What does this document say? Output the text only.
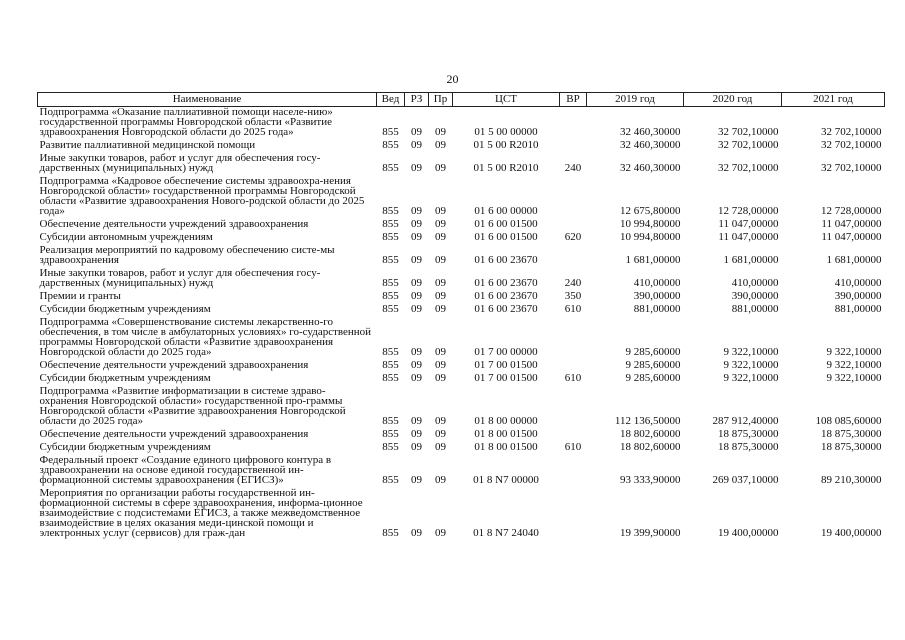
20
Наименование	Вед	РЗ	Пр	ЦСТ	ВР	2019 год	2020 год	2021 год
Подпрограмма «Оказание паллиативной помощи населе-нию» государственной программы Новгородской области «Развитие здравоохранения Новгородской области до 2025 года»	855	09	09	01 5 00 00000		32 460,30000	32 702,10000	32 702,10000
Развитие паллиативной медицинской помощи	855	09	09	01 5 00 R2010		32 460,30000	32 702,10000	32 702,10000
Иные закупки товаров, работ и услуг для обеспечения госу-дарственных (муниципальных) нужд	855	09	09	01 5 00 R2010	240	32 460,30000	32 702,10000	32 702,10000
Подпрограмма «Кадровое обеспечение системы здравоохра-нения Новгородской области» государственной программы Новгородской области «Развитие здравоохранения Нового-родской области до 2025 года»	855	09	09	01 6 00 00000		12 675,80000	12 728,00000	12 728,00000
Обеспечение деятельности учреждений здравоохранения	855	09	09	01 6 00 01500		10 994,80000	11 047,00000	11 047,00000
Субсидии автономным учреждениям	855	09	09	01 6 00 01500	620	10 994,80000	11 047,00000	11 047,00000
Реализация мероприятий по кадровому обеспечению систе-мы здравоохранения	855	09	09	01 6 00 23670		1 681,00000	1 681,00000	1 681,00000
Иные закупки товаров, работ и услуг для обеспечения госу-дарственных (муниципальных) нужд	855	09	09	01 6 00 23670	240	410,00000	410,00000	410,00000
Премии и гранты	855	09	09	01 6 00 23670	350	390,00000	390,00000	390,00000
Субсидии бюджетным учреждениям	855	09	09	01 6 00 23670	610	881,00000	881,00000	881,00000
Подпрограмма «Совершенствование системы лекарственно-го обеспечения, в том числе в амбулаторных условиях» го-сударственной программы Новгородской области «Развитие здравоохранения Новгородской области до 2025 года»	855	09	09	01 7 00 00000		9 285,60000	9 322,10000	9 322,10000
Обеспечение деятельности учреждений здравоохранения	855	09	09	01 7 00 01500		9 285,60000	9 322,10000	9 322,10000
Субсидии бюджетным учреждениям	855	09	09	01 7 00 01500	610	9 285,60000	9 322,10000	9 322,10000
Подпрограмма «Развитие информатизации в системе здраво-охранения Новгородской области» государственной про-граммы Новгородской области «Развитие здравоохранения Новгородской области до 2025 года»	855	09	09	01 8 00 00000		112 136,50000	287 912,40000	108 085,60000
Обеспечение деятельности учреждений здравоохранения	855	09	09	01 8 00 01500		18 802,60000	18 875,30000	18 875,30000
Субсидии бюджетным учреждениям	855	09	09	01 8 00 01500	610	18 802,60000	18 875,30000	18 875,30000
Федеральный проект «Создание единого цифрового контура в здравоохранении на основе единой государственной ин-формационной системы здравоохранения (ЕГИСЗ)»	855	09	09	01 8 N7 00000		93 333,90000	269 037,10000	89 210,30000
Мероприятия по организации работы государственной ин-формационной системы в сфере здравоохранения, информа-ционное взаимодействие с подсистемами ЕГИСЗ, а также межведомственное взаимодействие в целях оказания меди-цинской помощи и электронных услуг (сервисов) для граж-дан	855	09	09	01 8 N7 24040		19 399,90000	19 400,00000	19 400,00000
